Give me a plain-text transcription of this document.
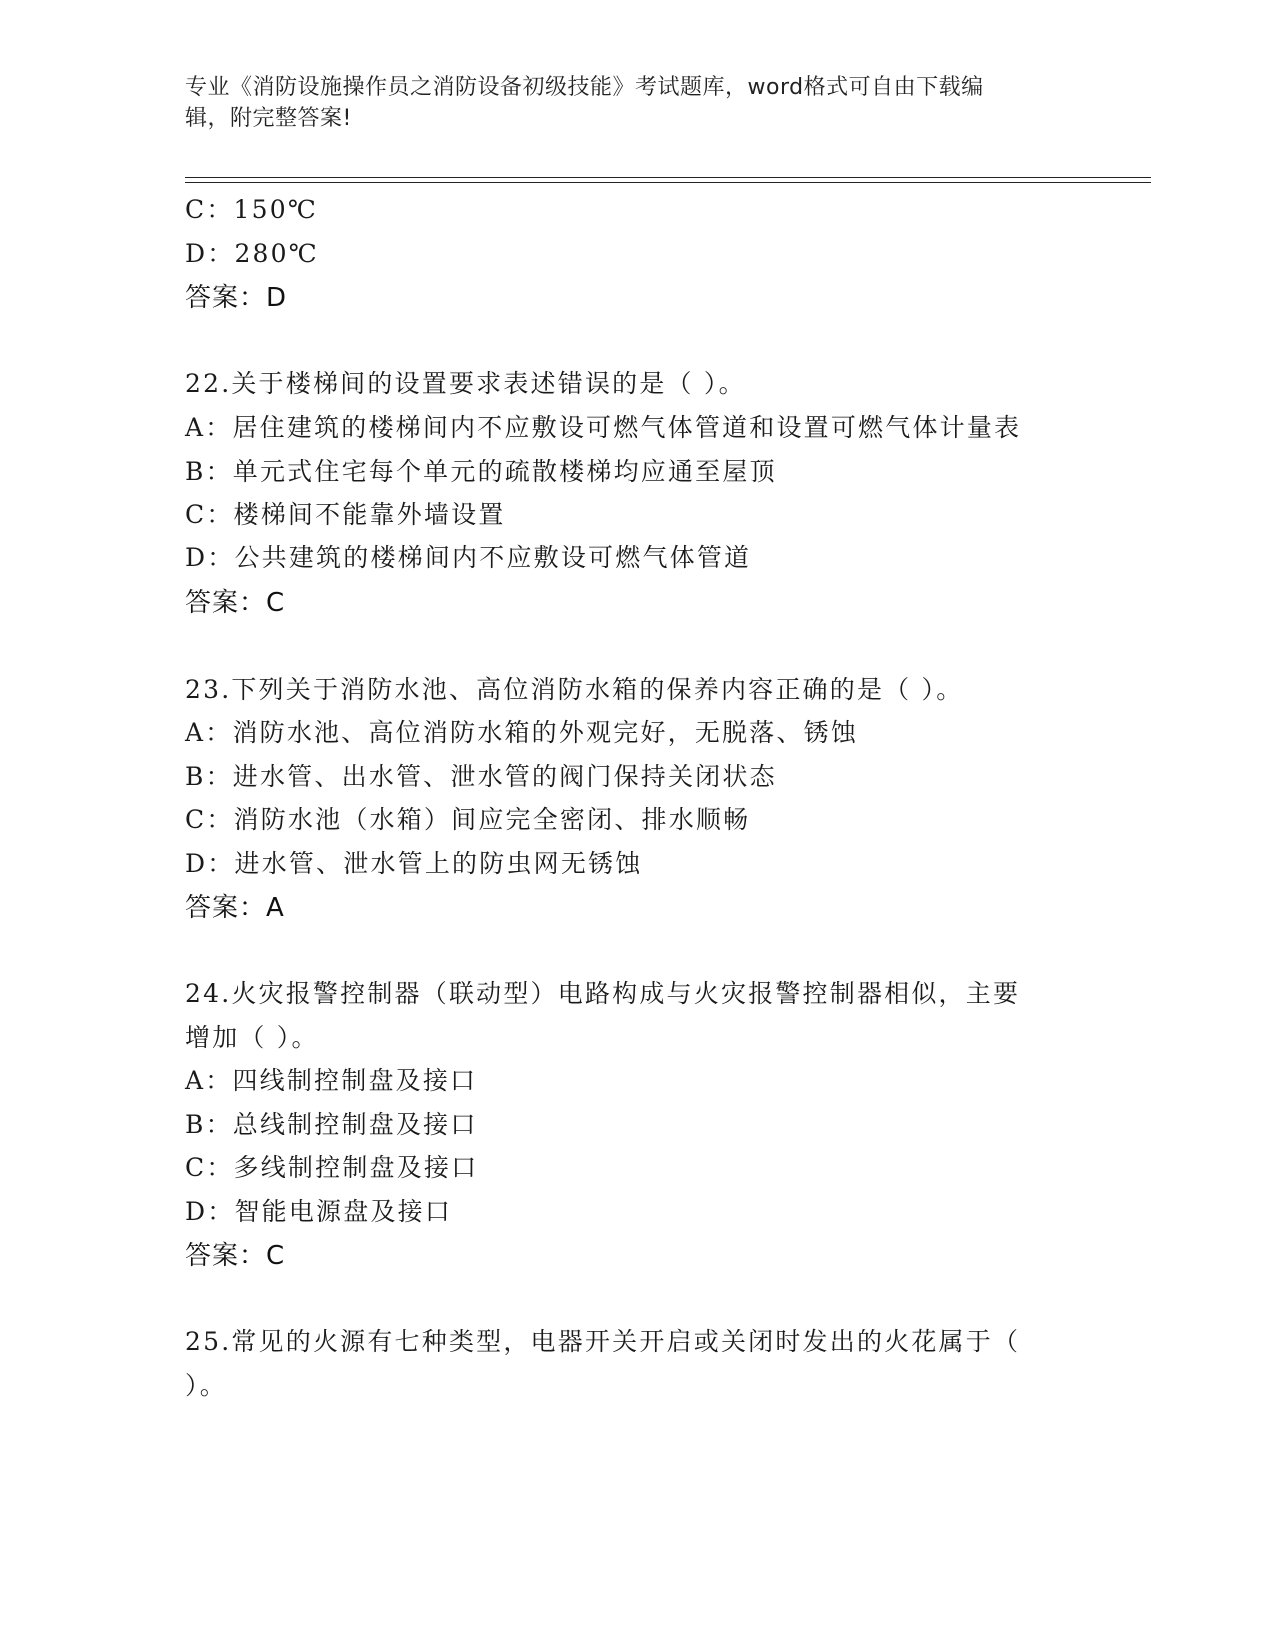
专业《消防设施操作员之消防设备初级技能》考试题库，word格式可自由下载编
辑，附完整答案!
C：150℃
D：280℃
答案：D
22.关于楼梯间的设置要求表述错误的是（ ）。
A：居住建筑的楼梯间内不应敷设可燃气体管道和设置可燃气体计量表
B：单元式住宅每个单元的疏散楼梯均应通至屋顶
C：楼梯间不能靠外墙设置
D：公共建筑的楼梯间内不应敷设可燃气体管道
答案：C
23.下列关于消防水池、高位消防水箱的保养内容正确的是（ ）。
A：消防水池、高位消防水箱的外观完好，无脱落、锈蚀
B：进水管、出水管、泄水管的阀门保持关闭状态
C：消防水池（水箱）间应完全密闭、排水顺畅
D：进水管、泄水管上的防虫网无锈蚀
答案：A
24.火灾报警控制器（联动型）电路构成与火灾报警控制器相似，主要
增加（ ）。
A：四线制控制盘及接口
B：总线制控制盘及接口
C：多线制控制盘及接口
D：智能电源盘及接口
答案：C
25.常见的火源有七种类型，电器开关开启或关闭时发出的火花属于（
）。
